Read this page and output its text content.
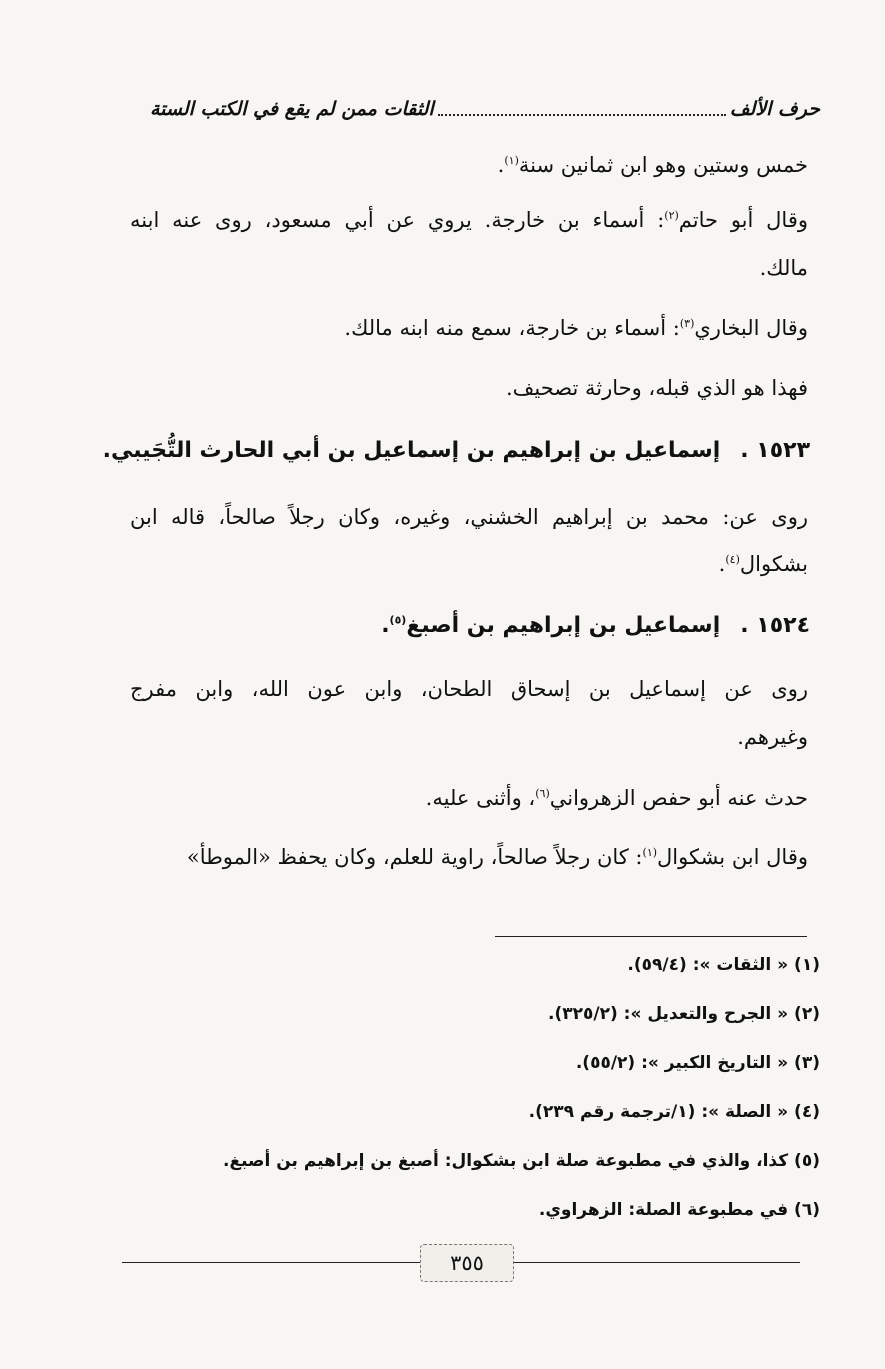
حرف الألف
الثقات ممن لم يقع في الكتب الستة
خمس وستين وهو ابن ثمانين سنة$^{(١)}$.
وقال أبو حاتم$^{(٢)}$: أسماء بن خارجة. يروي عن أبي مسعود، روى عنه ابنه
مالك.
وقال البخاري$^{(٣)}$: أسماء بن خارجة، سمع منه ابنه مالك.
فهذا هو الذي قبله، وحارثة تصحيف.
١٥٢٣ .إسماعيل بن إبراهيم بن إسماعيل بن أبي الحارث التُّجَيبي.
روى عن: محمد بن إبراهيم الخشني، وغيره، وكان رجلاً صالحاً، قاله ابن
بشكوال$^{(٤)}$.
١٥٢٤ .إسماعيل بن إبراهيم بن أصبغ$^{(٥)}$.
روى عن إسماعيل بن إسحاق الطحان، وابن عون الله، وابن مفرج
وغيرهم.
حدث عنه أبو حفص الزهرواني$^{(٦)}$، وأثنى عليه.
وقال ابن بشكوال$^{(١)}$: كان رجلاً صالحاً، راوية للعلم، وكان يحفظ «الموطأ»
(١) « الثقات »: (٥٩/٤).
(٢) « الجرح والتعديل »: (٣٢٥/٢).
(٣) « التاريخ الكبير »: (٥٥/٢).
(٤) « الصلة »: (١/ترجمة رقم ٢٣٩).
(٥) كذا، والذي في مطبوعة صلة ابن بشكوال: أصبغ بن إبراهيم بن أصبغ.
(٦) في مطبوعة الصلة: الزهراوي.
٣٥٥
